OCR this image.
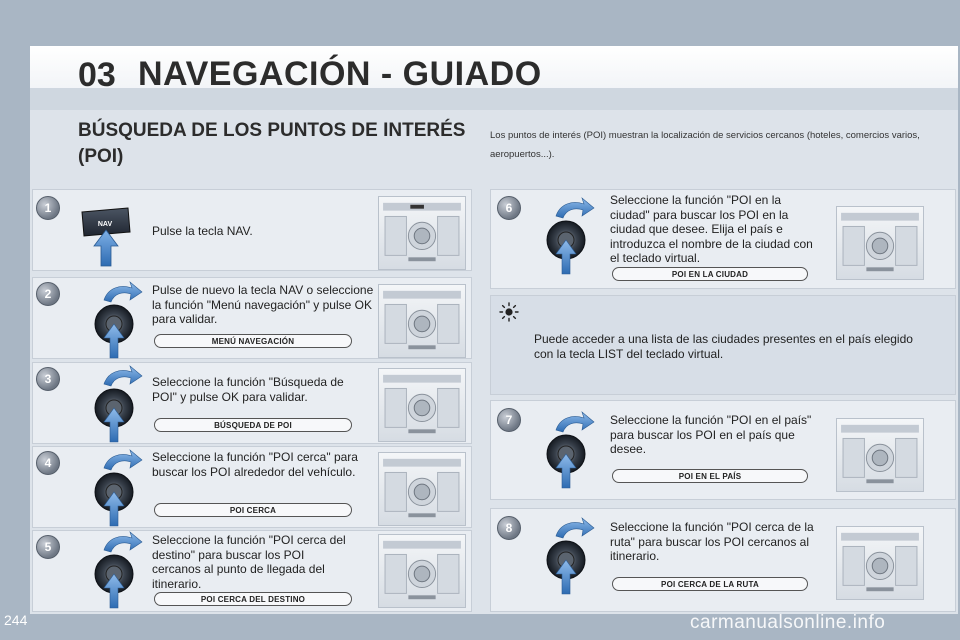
03 NAVEGACIÓN - GUIADO
BÚSQUEDA DE LOS PUNTOS DE INTERÉS (POI)
Los puntos de interés (POI) muestran la localización de servicios cercanos (hoteles, comercios varios, aeropuertos...).
1
2
3
4
5
6
7
8
NAV	Pulse la tecla NAV.
Pulse de nuevo la tecla NAV o seleccione la función "Menú navegación" y pulse OK para validar.
Seleccione la función "Búsqueda de POI" y pulse OK para validar.
Seleccione la función "POI cerca" para buscar los POI alrededor del vehículo.
Seleccione la función "POI cerca del destino" para buscar los POI cercanos al punto de llegada del itinerario.
Seleccione la función "POI en la ciudad" para buscar los POI en la ciudad que desee. Elija el país e introduzca el nombre de la ciudad con el teclado virtual.
Puede acceder a una lista de las ciudades presentes en el país elegido con la tecla LIST del teclado virtual.
Seleccione la función "POI en el país" para buscar los POI en el país que desee.
Seleccione la función "POI cerca de la ruta" para buscar los POI cercanos al itinerario.
MENÚ NAVEGACIÓN
BÚSQUEDA DE POI
POI CERCA
POI CERCA DEL DESTINO
POI EN LA CIUDAD
POI EN EL PAÍS
POI CERCA DE LA RUTA
244	carmanualsonline.info
